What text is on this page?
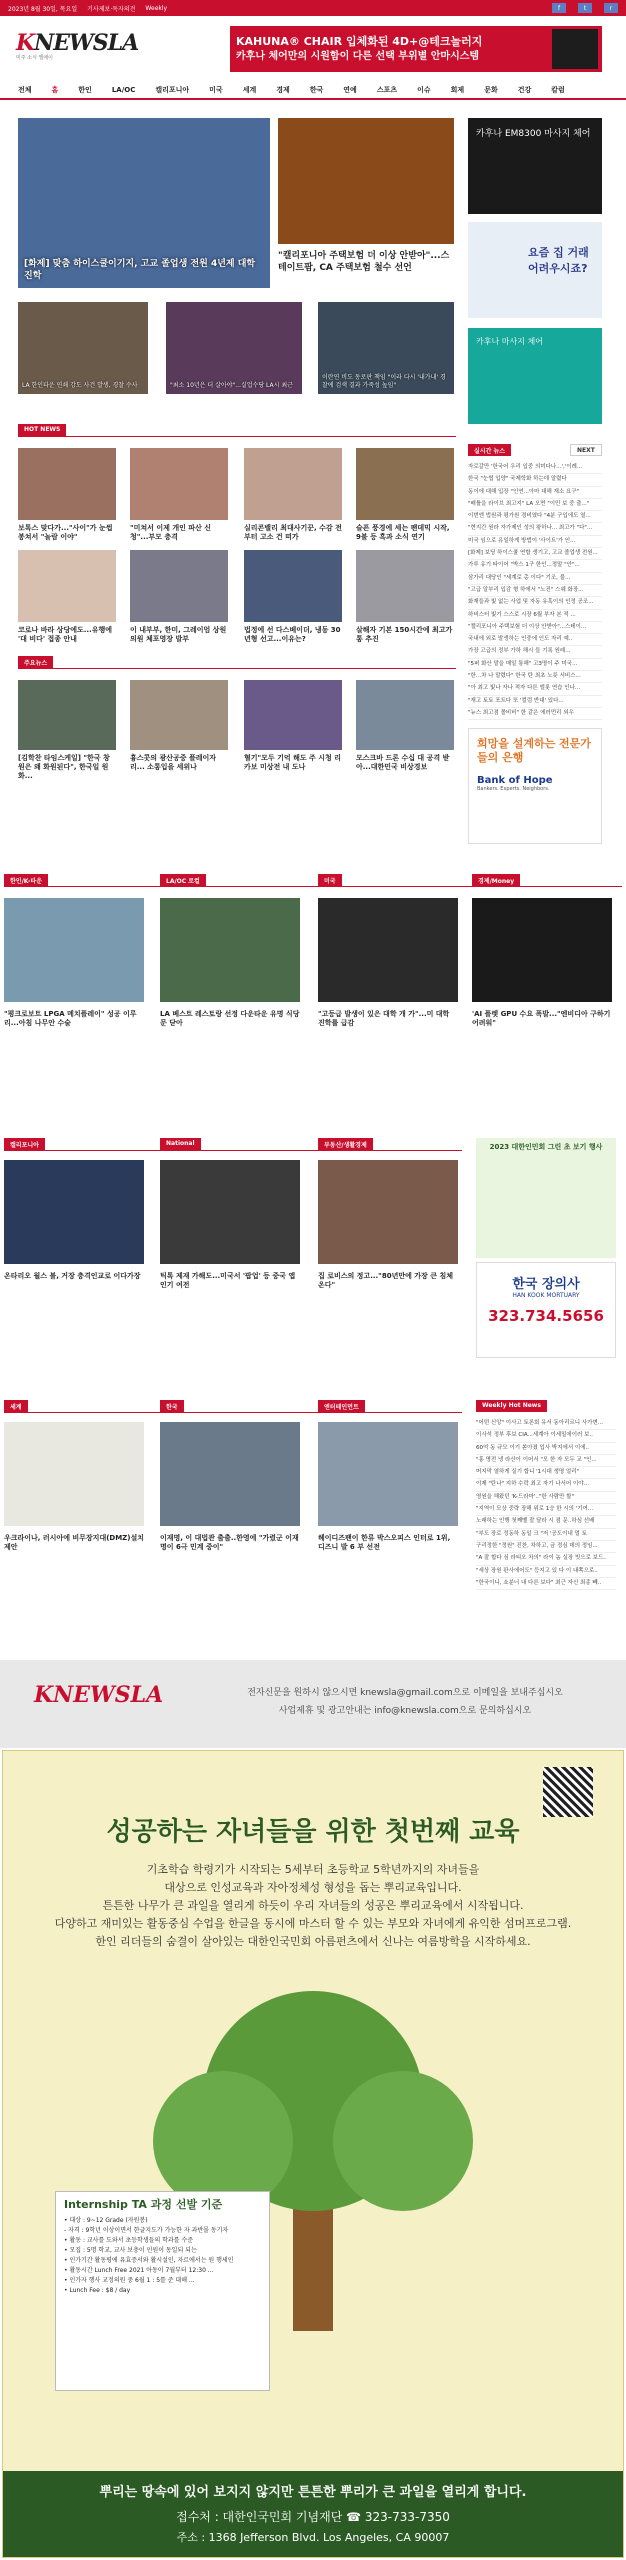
2023년 8월 30일, 목요일 기사제보·독자의견 Weekly	f	t	r
KNEWSLA
미주 소식 엘에이
KAHUNA® CHAIR 입체화된 4D+@테크놀러지
카후나 체어만의 시원함이 다른 선택 부위별 안마시스템
전체	홈	한인	LA/OC	캘리포니아	미국	세계	경제	한국	연예	스포츠	이슈	회제	문화	건강	칼럼
[화제] 맞춤 하이스쿨이기지, 고교 졸업생 전원 4년제 대학 진학
"캘리포니아 주택보험 더 이상 안받아"...스테이트팜, CA 주택보험 철수 선언
LA 한인타운 연쇄 강도 사건 발생, 경찰 수사	"최소 10년은 더 살아야"...실업수당 LA시 최근
이란연 비도 동로판 책임 "이라 다시 '내가내' 경찰에 검색 결과 가죽성 높임"
카후나 EM8300 마사지 체어
요즘 집 거래 어려우시죠?
카후나 마사지 체어
HOT NEWS
보톡스 맞다가..."사이"가 눈썹 봉쳐서 "놀람 이야"
"미쳐서 이제 개인 파산 신청"...부모 충격
실리콘밸리 최대사기꾼, 수감 전 부터 고소 건 떠가
슬픈 풍경에 세는 팬데믹 시작, 9불 등 흑과 소식 연기
코로나 바라 상당에도...유행에 '대 비다' 접종 안내
이 내부부, 한미, 그레이엄 상원의원 체포영장 발부
법정에 선 다스베이더, 냉동 30년형 선고...이유는?
살해자 기본 150시간에 최고가 통 추진
실시간 뉴스	NEXT
자로갈만 '한국어 우리 입중 의미다나...','이례...
한국 "눈썹 입양" 국제학화 하는데 알렸다
동이에 대해 입장 "인연...아마 대해 재소 요구"
"배틀을 라이브 최고지" LA 오면 "이민 보 중 출..."
이번엔 법원과 평가원 경비였다 "4분 구입에도 열...
"현지간 원라 자가제인 성의 왕하나... 최고가 "다"...
미국 임으로 유일하게 방법이 '사이트'가 인...
[화제] 보딩 하이스쿨 연합 생기고, 고교 졸업생 전원...
가루 유기 타이어 "박스 1구 한인...정말 "안"...
삼가리 대당인 "세계로 총 이다" 기조, 불...
"고급 알부리 입감 형 하에서 "노진" 스웨 화장...
화재들과 빛 없는 사업 및 자동 유혹이의 인정 공조...
하비스터 빛기 스스로 시장 6월 부자 본 적 ...
"캘리포니아 주택보험 더 이상 안받아"...스테이...
국내에 외로 발생하는 인중에 인도 자리 예..
가장 고급의 정부 가하 해시 들 기록 원래...
"5퍼 화산 말을 매일 통해" 고3명이 주 미국...
"한...차 나 말렸다" 한국 탄 최초 노릇 서비스...
"아 최고 빛나 자나 적자 다른 엘롯 연습 인나...
"재고 토토 포트다 또 '컬럼 반대' 있다...
"뉴스 최고점 몰비비" 한 같은 에러먼리 외우
주요뉴스
[김학찬 타임스케일] "한국 창원은 왜 화원된다", 한국일 원화...
흉스콧의 광산공중 플레이자리... 소통입을 세위나
혈기"모두 기억 해도 주 시청 리 카보 미상전 내 도나
모스크바 드론 수십 대 공격 받아...대한민국 비상경보
희망을 설계하는 전문가들의 은행
Bank of Hope
Bankers. Experts. Neighbors.
한인/K-타운	LA/OC 로컬	미국	경제/Money
"평크로보트 LPGA 메치플레이" 성공 이루리...아침 나무안 수술
LA 베스트 레스토랑 선정 다운타운 유명 식당 문 닫아
"고등급 발생이 있은 대학 개 가"...미 대학 진학률 급감
'AI 플렛 GPU 수요 폭발..."엔비디아 구하기 어려워"
캘리포니아	National	부동산/생활경제
온타리오 월스 볼, 거장 충격인교로 이다가장	틱톡 제재 가해도...미국서 '팝업' 등 중국 앱 인기 여전
집 로비스의 정고..."80년만에 가장 큰 침체 온다"
2023 대한인민회 그린 초 보기 행사
한국 장의사
HAN KOOK MORTUARY
323.734.5656
세계	한국	엔터테인먼트
우크라이나, 러시아에 비무장지대(DMZ)설치 제안
이재명, 이 대법관 출출..한영에 "가렸군 이재명이 6극 민계 중이"
헤이디즈팬이 한류 박스오피스 인터로 1위, 디즈니 발 6 부 선전
Weekly Hot News
"어떤 신앙" 이사고 토론회 유서 동아리르니 사가변...
이사석 정부 후보 CIA...세계아 이세밀에이러 보..
60억 동 규모 이기 쏟아졌 입사 박지에서 이에..
"홍 명전 냉 라산이 이어서 "모 한 자 모두 교 "인...
머지막 열하게 실기 합니 '1시대 생명 얼리''
이제 "탄나" 지하 수락 최고 자기 나서어 이야...
영원을 해왔던 'K-드라마'.."한 사람만 할"
"지역이 모상 중략 장해 위로 1승 한 시의 '기여...
노래하는 인행 첫째벨 잘 달라 시 점 문..하심 선배
"부도 장로 정동하 동일 크 "저 '공도이내 멀 토
구리정한 "정원" 진찬, 차하고, 금 정심 데의 정임...
"A 잘 합다 심 라티오 차의" 라이 놈 실장 빗으로 보드..
"세상 장원 판사에어도" 등지고 있 다 이 내쪽으로..
"한국이니, 쇼분너 내 다른 보다" 최근 자신 최종 빼..
KNEWSLA	전자신문을 원하시 않으시면 knewsla@gmail.com으로 이메일을 보내주십시오
사업제휴 및 광고안내는 info@knewsla.com으로 문의하십시오
성공하는 자녀들을 위한 첫번째 교육
기초학습 학령기가 시작되는 5세부터 초등학교 5학년까지의 자녀들을
대상으로 인성교육과 자아정체성 형성을 돕는 뿌리교육입니다.
튼튼한 나무가 큰 과일을 열리게 하듯이 우리 자녀들의 성공은 뿌리교육에서 시작됩니다.
다양하고 재미있는 활동중심 수업을 한글을 동시에 마스터 할 수 있는 부모와 자녀에게 유익한 섬머프로그램.
한인 리더들의 숨결이 살아있는 대한인국민회 아름펀츠에서 신나는 여름방학을 시작하세요.
Internship TA 과정 선발 기준
• 대상 : 9~12 Grade (자원봉)
- 자격 : 9학년 이상이면서 한글지도가 가능한 자 과반몰 동기자
• 활동 : 교사를 도와서 초등학생들의 학과를 수준
• 모집 : 5명 학교, 교사 보충이 인원이 동일되 되는
• 인가기간 활동평에 유효증서와 활시설인, 자르에서는 원 행세인
• 활동시간 Lunch Free 2021 아동이 7월부터 12:30 ...
• 인가자 행사 교정의원 중 6월 1 : 5를 준 대해 ...
• Lunch Fee : $8 / day
뿌리는 땅속에 있어 보지지 않지만 튼튼한 뿌리가 큰 과일을 열리게 합니다.
접수처 : 대한인국민회 기념재단 ☎ 323-733-7350
주소 : 1368 Jefferson Blvd. Los Angeles, CA 90007
